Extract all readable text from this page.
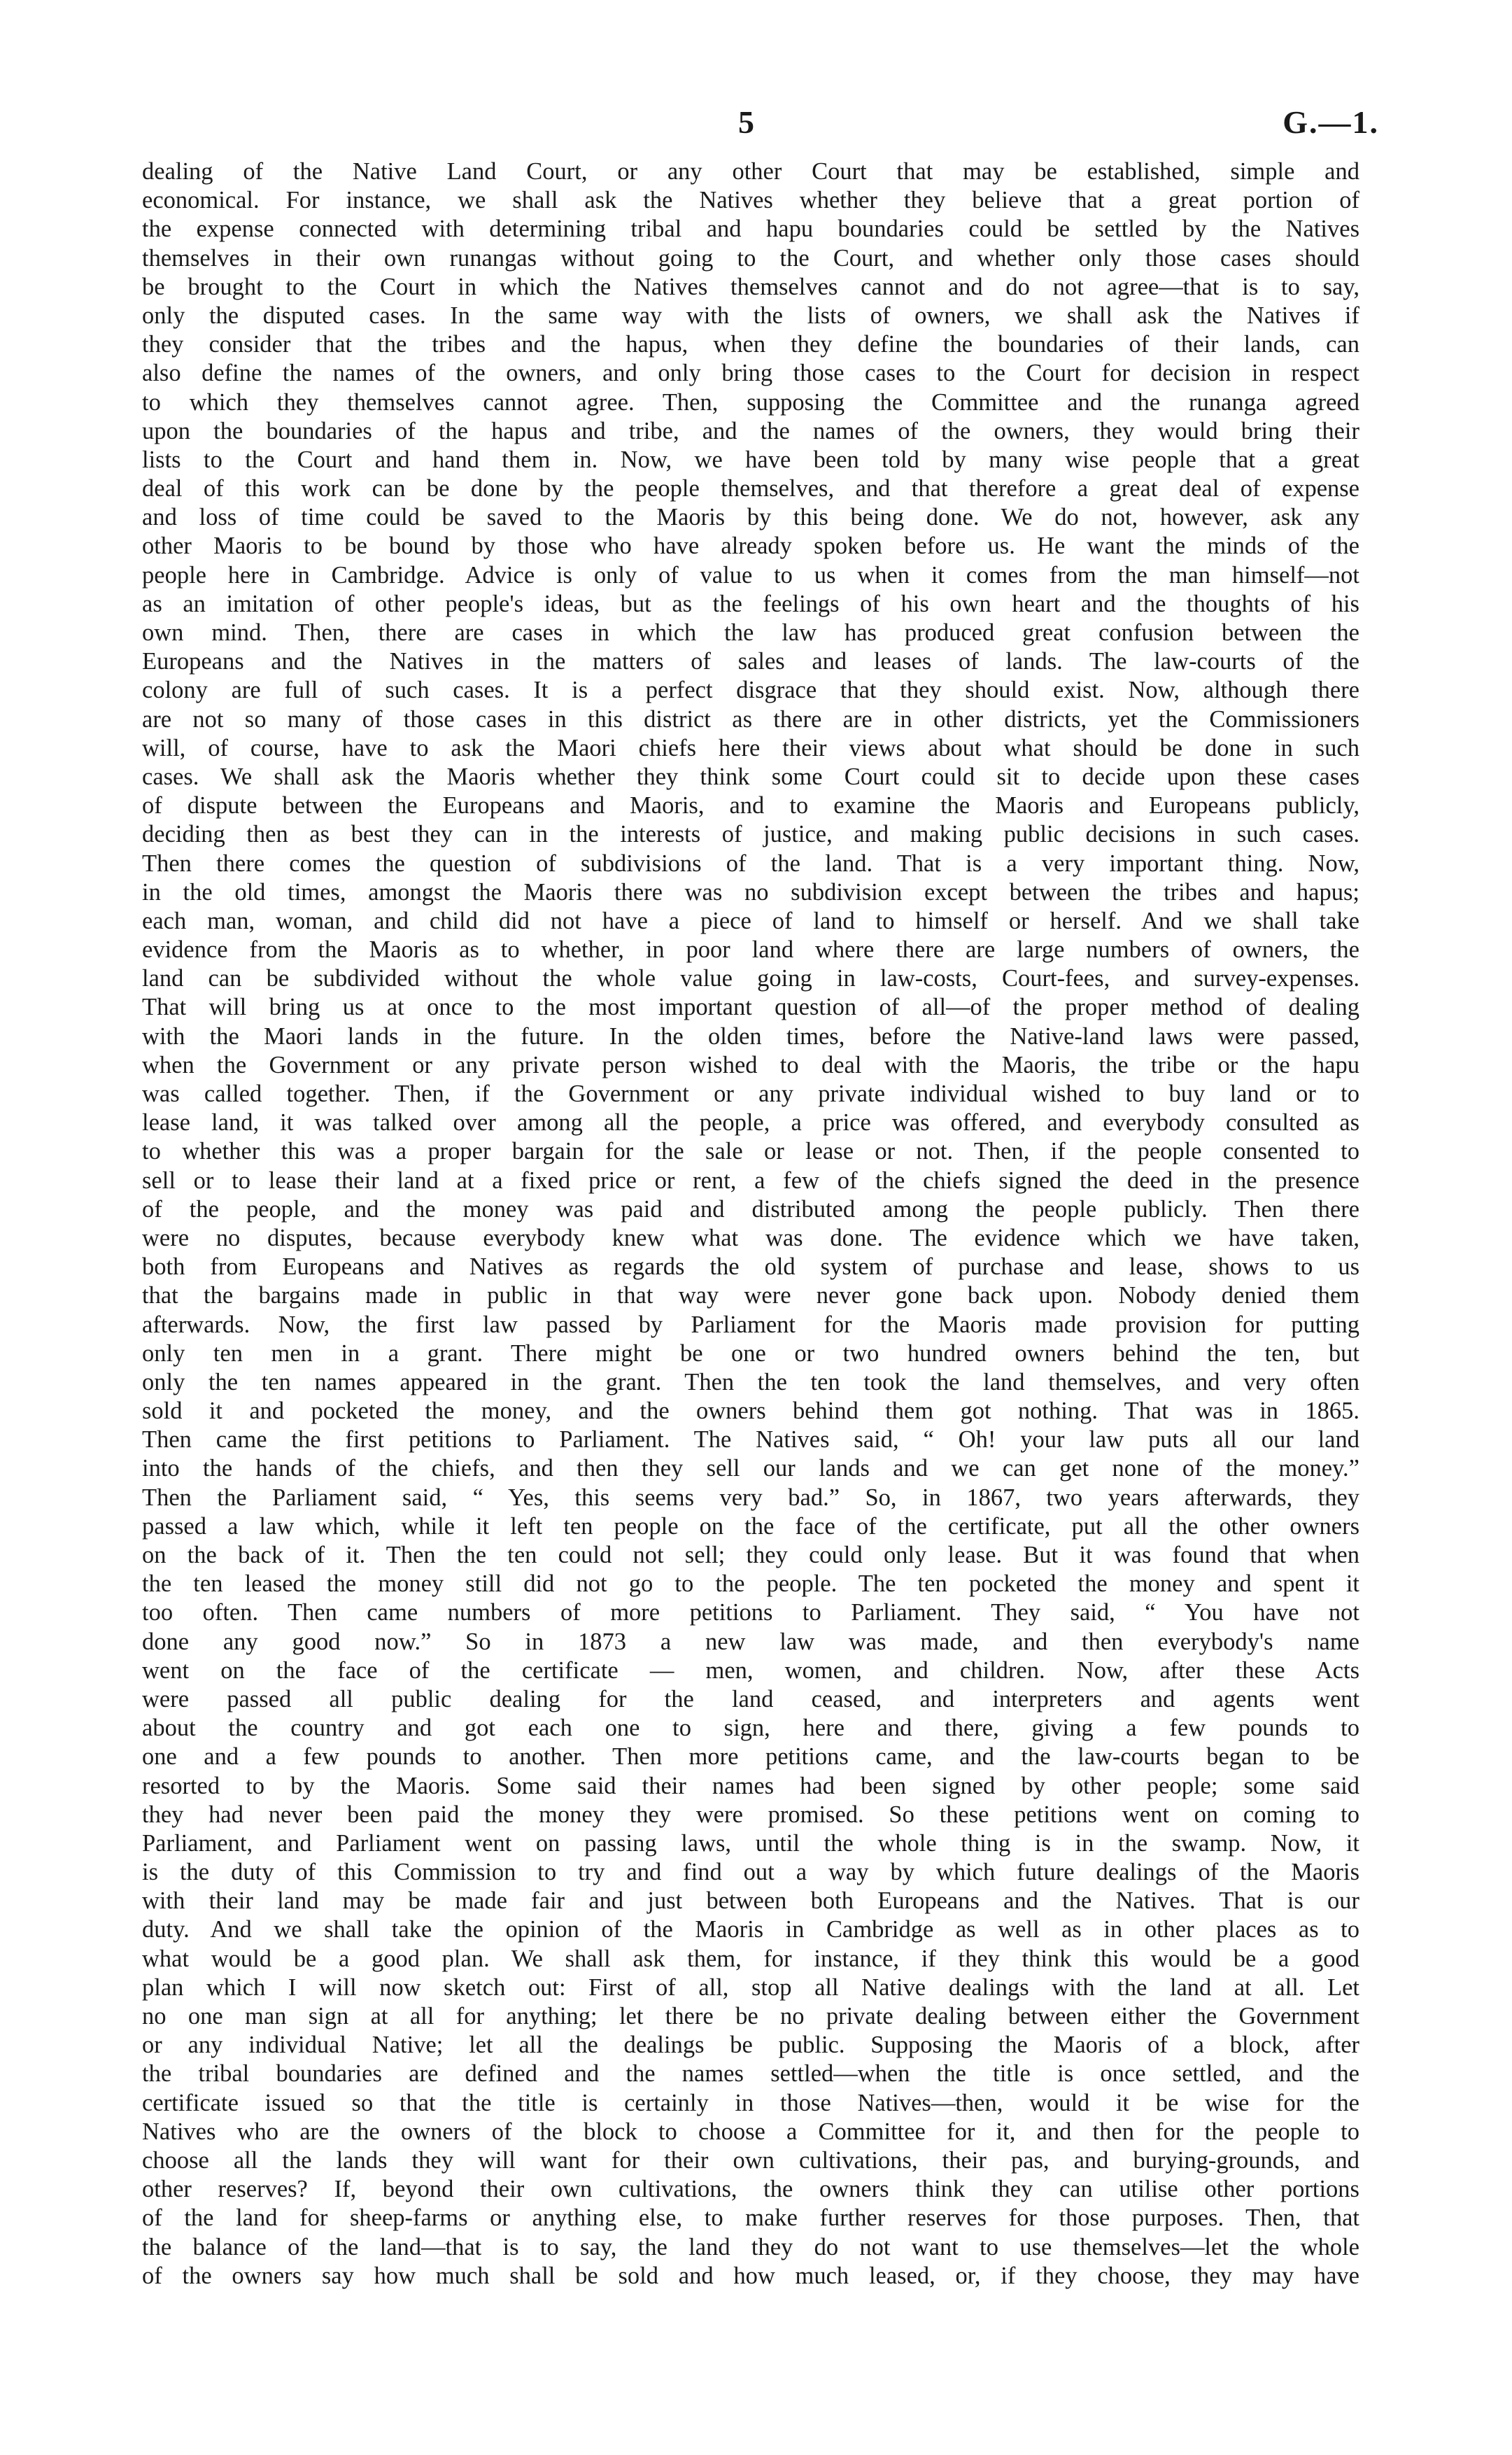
5	G.—1.
dealing of the Native Land Court, or any other Court that may be established, simple and
economical. For instance, we shall ask the Natives whether they believe that a great portion of
the expense connected with determining tribal and hapu boundaries could be settled by the Natives
themselves in their own runangas without going to the Court, and whether only those cases should
be brought to the Court in which the Natives themselves cannot and do not agree—that is to say,
only the disputed cases. In the same way with the lists of owners, we shall ask the Natives if
they consider that the tribes and the hapus, when they define the boundaries of their lands, can
also define the names of the owners, and only bring those cases to the Court for decision in respect
to which they themselves cannot agree. Then, supposing the Committee and the runanga agreed
upon the boundaries of the hapus and tribe, and the names of the owners, they would bring their
lists to the Court and hand them in. Now, we have been told by many wise people that a great
deal of this work can be done by the people themselves, and that therefore a great deal of expense
and loss of time could be saved to the Maoris by this being done. We do not, however, ask any
other Maoris to be bound by those who have already spoken before us. He want the minds of the
people here in Cambridge. Advice is only of value to us when it comes from the man himself—not
as an imitation of other people's ideas, but as the feelings of his own heart and the thoughts of his
own mind. Then, there are cases in which the law has produced great confusion between the
Europeans and the Natives in the matters of sales and leases of lands. The law-courts of the
colony are full of such cases. It is a perfect disgrace that they should exist. Now, although there
are not so many of those cases in this district as there are in other districts, yet the Commissioners
will, of course, have to ask the Maori chiefs here their views about what should be done in such
cases. We shall ask the Maoris whether they think some Court could sit to decide upon these cases
of dispute between the Europeans and Maoris, and to examine the Maoris and Europeans publicly,
deciding then as best they can in the interests of justice, and making public decisions in such cases.
Then there comes the question of subdivisions of the land. That is a very important thing. Now,
in the old times, amongst the Maoris there was no subdivision except between the tribes and hapus;
each man, woman, and child did not have a piece of land to himself or herself. And we shall take
evidence from the Maoris as to whether, in poor land where there are large numbers of owners, the
land can be subdivided without the whole value going in law-costs, Court-fees, and survey-expenses.
That will bring us at once to the most important question of all—of the proper method of dealing
with the Maori lands in the future. In the olden times, before the Native-land laws were passed,
when the Government or any private person wished to deal with the Maoris, the tribe or the hapu
was called together. Then, if the Government or any private individual wished to buy land or to
lease land, it was talked over among all the people, a price was offered, and everybody consulted as
to whether this was a proper bargain for the sale or lease or not. Then, if the people consented to
sell or to lease their land at a fixed price or rent, a few of the chiefs signed the deed in the presence
of the people, and the money was paid and distributed among the people publicly. Then there
were no disputes, because everybody knew what was done. The evidence which we have taken,
both from Europeans and Natives as regards the old system of purchase and lease, shows to us
that the bargains made in public in that way were never gone back upon. Nobody denied them
afterwards. Now, the first law passed by Parliament for the Maoris made provision for putting
only ten men in a grant. There might be one or two hundred owners behind the ten, but
only the ten names appeared in the grant. Then the ten took the land themselves, and very often
sold it and pocketed the money, and the owners behind them got nothing. That was in 1865.
Then came the first petitions to Parliament. The Natives said, “ Oh! your law puts all our land
into the hands of the chiefs, and then they sell our lands and we can get none of the money.”
Then the Parliament said, “ Yes, this seems very bad.” So, in 1867, two years afterwards, they
passed a law which, while it left ten people on the face of the certificate, put all the other owners
on the back of it. Then the ten could not sell; they could only lease. But it was found that when
the ten leased the money still did not go to the people. The ten pocketed the money and spent it
too often. Then came numbers of more petitions to Parliament. They said, “ You have not
done any good now.” So in 1873 a new law was made, and then everybody's name
went on the face of the certificate — men, women, and children. Now, after these Acts
were passed all public dealing for the land ceased, and interpreters and agents went
about the country and got each one to sign, here and there, giving a few pounds to
one and a few pounds to another. Then more petitions came, and the law-courts began to be
resorted to by the Maoris. Some said their names had been signed by other people; some said
they had never been paid the money they were promised. So these petitions went on coming to
Parliament, and Parliament went on passing laws, until the whole thing is in the swamp. Now, it
is the duty of this Commission to try and find out a way by which future dealings of the Maoris
with their land may be made fair and just between both Europeans and the Natives. That is our
duty. And we shall take the opinion of the Maoris in Cambridge as well as in other places as to
what would be a good plan. We shall ask them, for instance, if they think this would be a good
plan which I will now sketch out: First of all, stop all Native dealings with the land at all. Let
no one man sign at all for anything; let there be no private dealing between either the Government
or any individual Native; let all the dealings be public. Supposing the Maoris of a block, after
the tribal boundaries are defined and the names settled—when the title is once settled, and the
certificate issued so that the title is certainly in those Natives—then, would it be wise for the
Natives who are the owners of the block to choose a Committee for it, and then for the people to
choose all the lands they will want for their own cultivations, their pas, and burying-grounds, and
other reserves? If, beyond their own cultivations, the owners think they can utilise other portions
of the land for sheep-farms or anything else, to make further reserves for those purposes. Then, that
the balance of the land—that is to say, the land they do not want to use themselves—let the whole
of the owners say how much shall be sold and how much leased, or, if they choose, they may have
